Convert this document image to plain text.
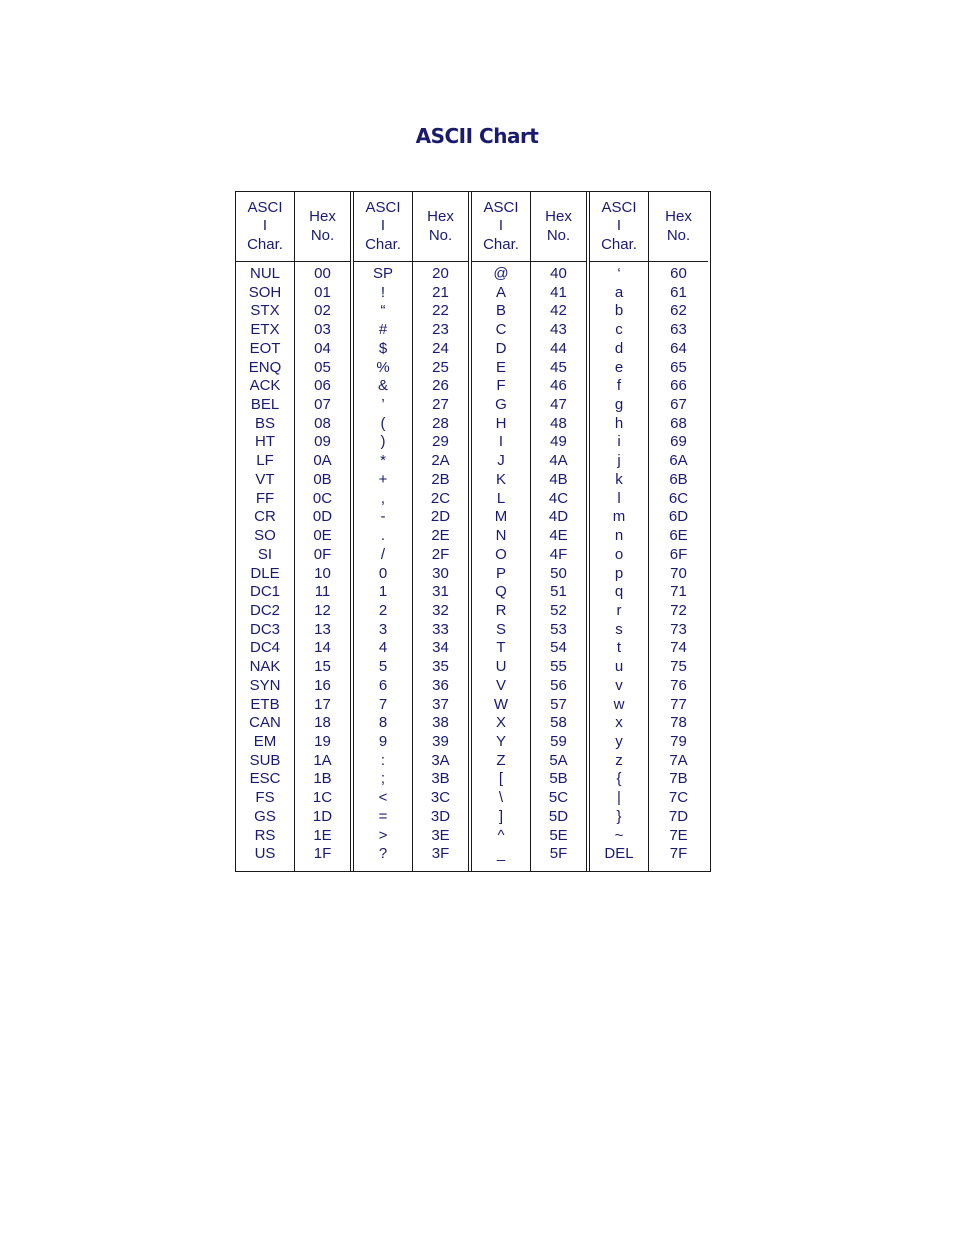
ASCII Chart
ASCI
I
Char.
NUL
SOH
STX
ETX
EOT
ENQ
ACK
BEL
BS
HT
LF
VT
FF
CR
SO
SI
DLE
DC1
DC2
DC3
DC4
NAK
SYN
ETB
CAN
EM
SUB
ESC
FS
GS
RS
US
Hex
No.
00
01
02
03
04
05
06
07
08
09
0A
0B
0C
0D
0E
0F
10
11
12
13
14
15
16
17
18
19
1A
1B
1C
1D
1E
1F
ASCI
I
Char.
SP
!
“
#
$
%
&
’
(
)
*
+
,
-
.
/
0
1
2
3
4
5
6
7
8
9
:
;
<
=
>
?
Hex
No.
20
21
22
23
24
25
26
27
28
29
2A
2B
2C
2D
2E
2F
30
31
32
33
34
35
36
37
38
39
3A
3B
3C
3D
3E
3F
ASCI
I
Char.
@
A
B
C
D
E
F
G
H
I
J
K
L
M
N
O
P
Q
R
S
T
U
V
W
X
Y
Z
[
\
]
^
_
Hex
No.
40
41
42
43
44
45
46
47
48
49
4A
4B
4C
4D
4E
4F
50
51
52
53
54
55
56
57
58
59
5A
5B
5C
5D
5E
5F
ASCI
I
Char.
‘
a
b
c
d
e
f
g
h
i
j
k
l
m
n
o
p
q
r
s
t
u
v
w
x
y
z
{
|
}
~
DEL
Hex
No.
60
61
62
63
64
65
66
67
68
69
6A
6B
6C
6D
6E
6F
70
71
72
73
74
75
76
77
78
79
7A
7B
7C
7D
7E
7F
